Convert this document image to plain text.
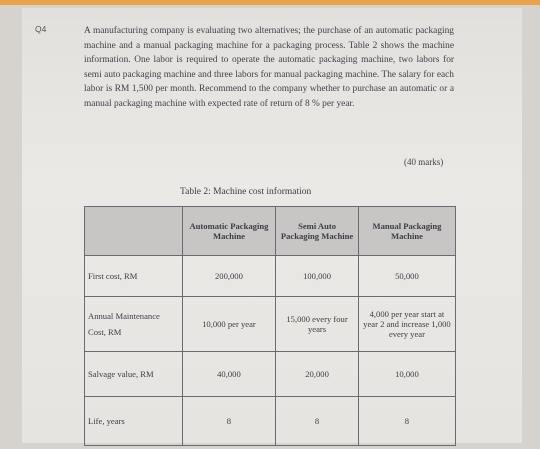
Q4	A manufacturing company is evaluating two alternatives; the purchase of an automatic packaging machine and a manual packaging machine for a packaging process. Table 2 shows the machine information. One labor is required to operate the automatic packaging machine, two labors for semi auto packaging machine and three labors for manual packaging machine. The salary for each labor is RM 1,500 per month. Recommend to the company whether to purchase an automatic or a manual packaging machine with expected rate of return of 8 % per year.
(40 marks)
Table 2: Machine cost information
	Automatic Packaging Machine	Semi Auto Packaging Machine	Manual Packaging Machine
First cost, RM	200,000	100,000	50,000
Annual Maintenance Cost, RM	10,000 per year	15,000 every four years	4,000 per year start at year 2 and increase 1,000 every year
Salvage value, RM	40,000	20,000	10,000
Life, years	8	8	8
